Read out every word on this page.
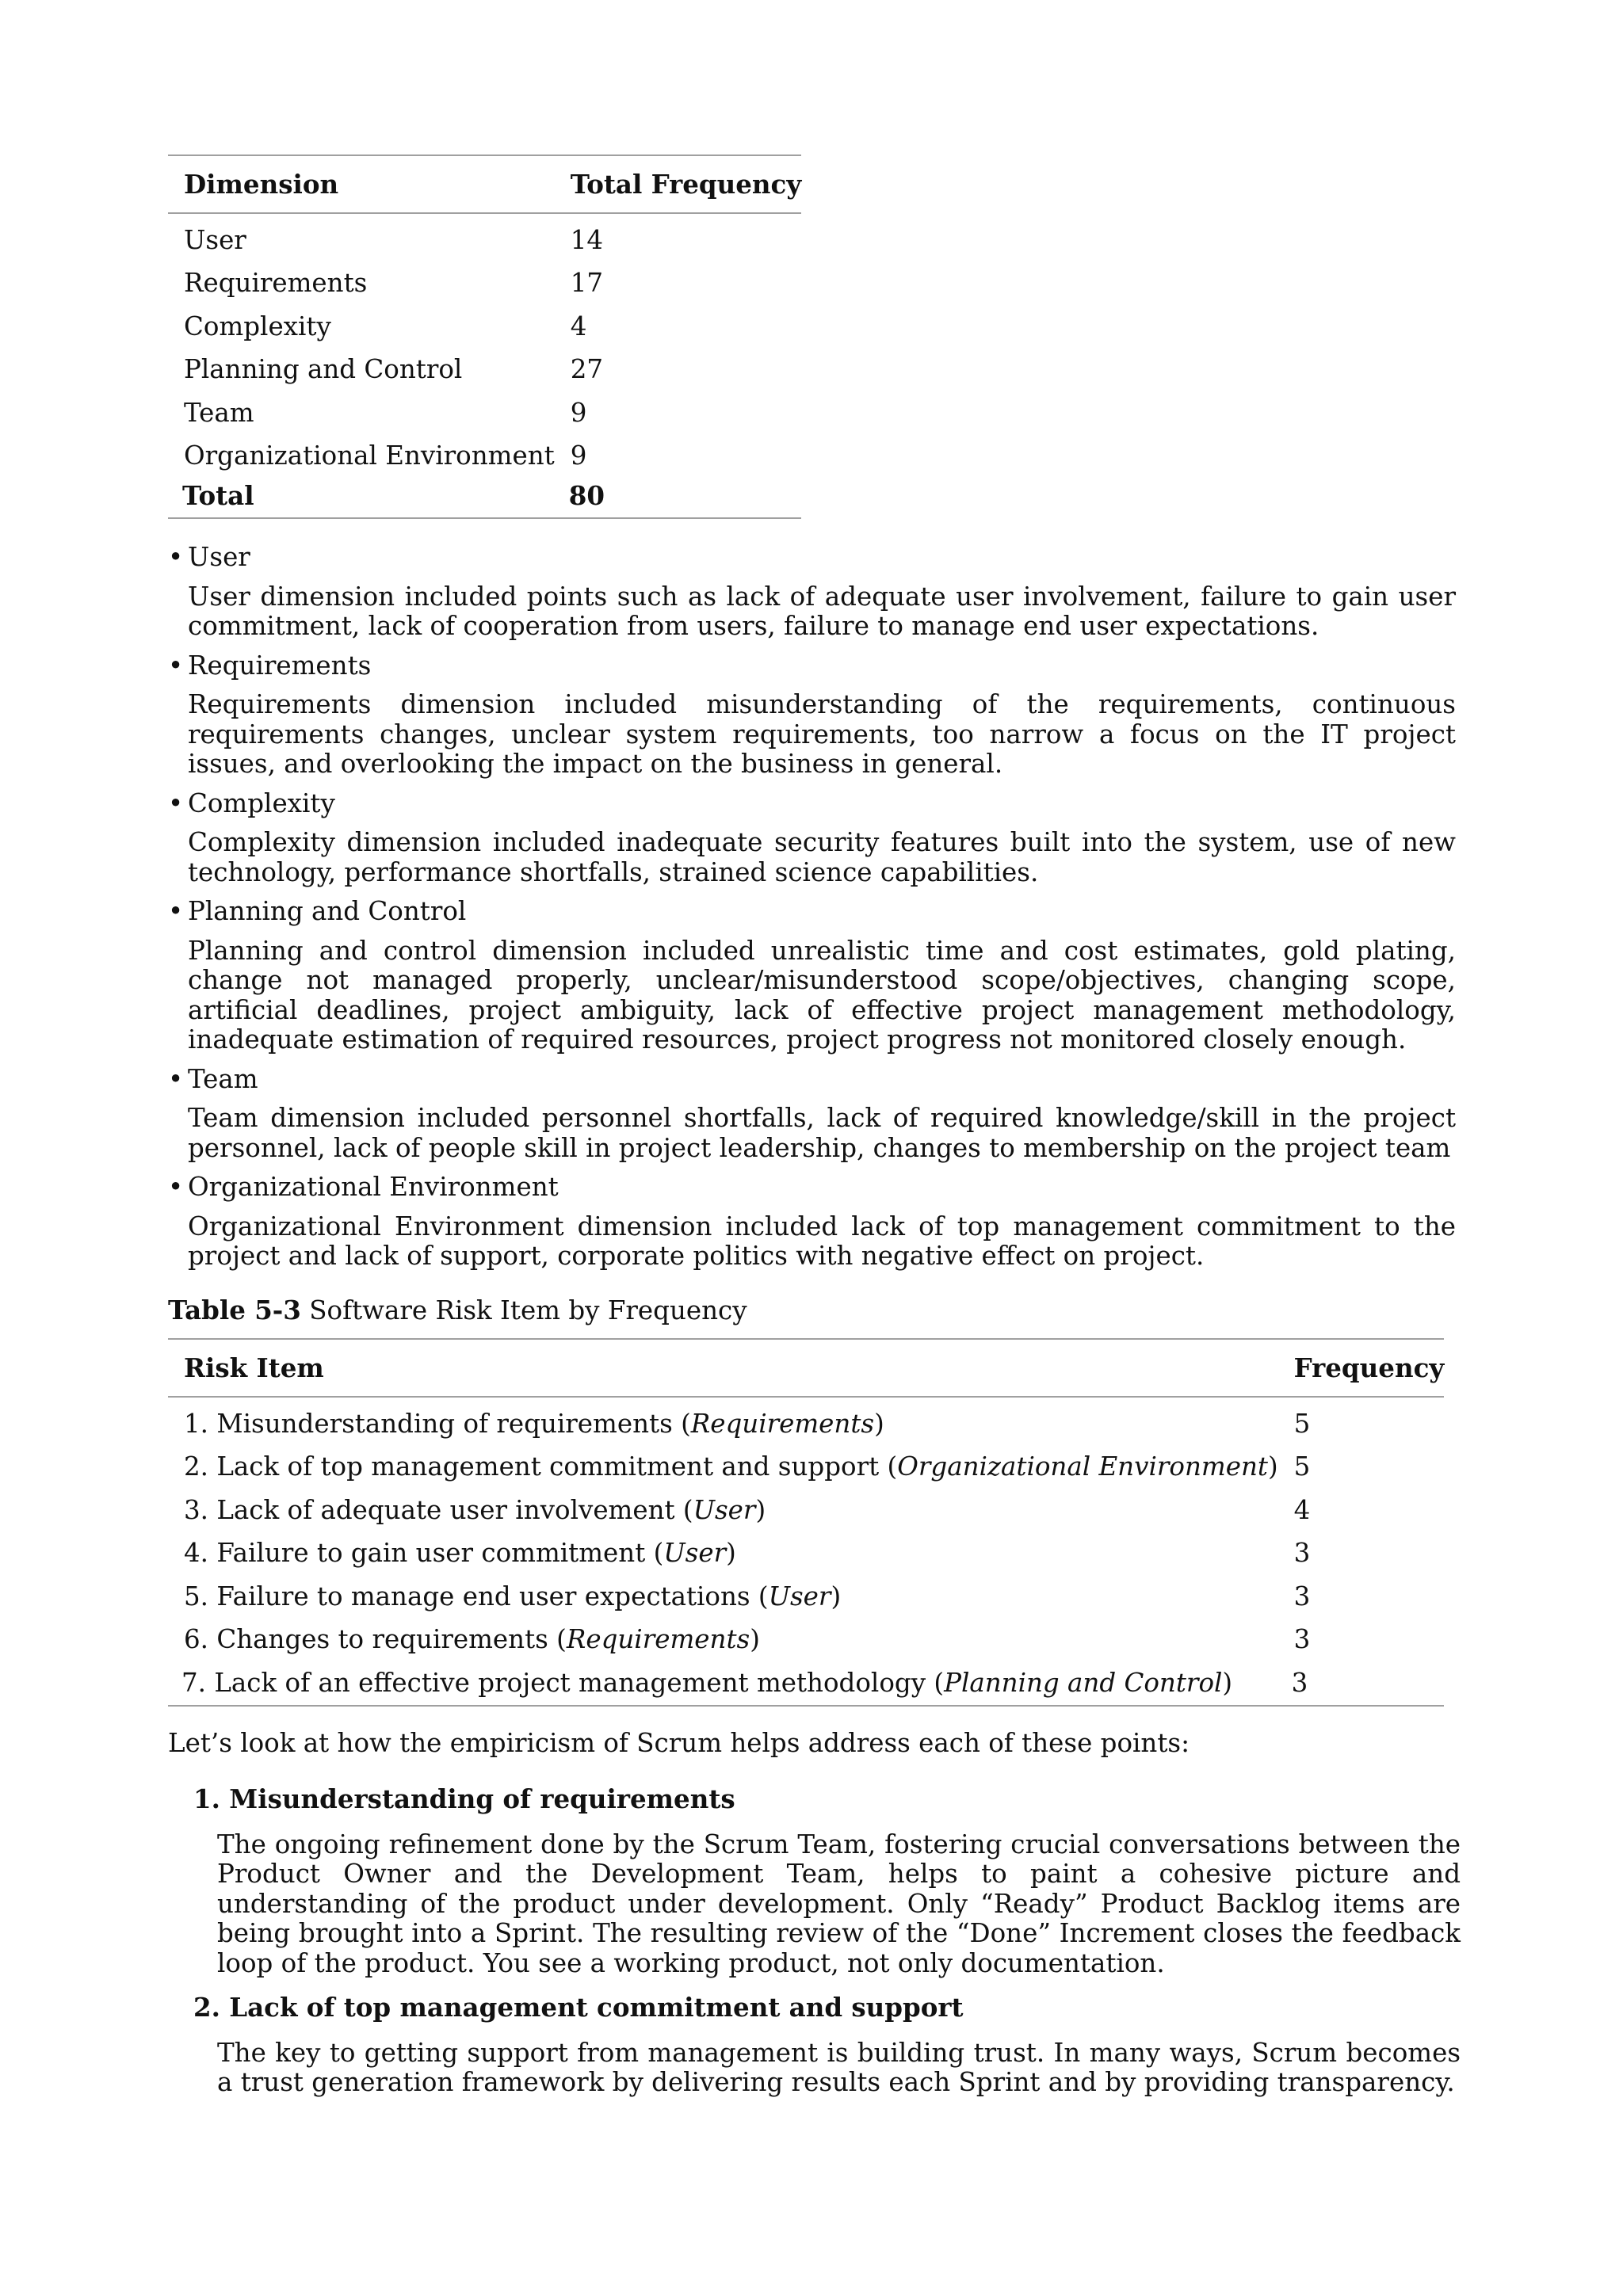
Dimension	Total Frequency
User	14
Requirements	17
Complexity	4
Planning and Control	27
Team	9
Organizational Environment	9
Total	80
• User

User dimension included points such as lack of adequate user involvement, failure to gain user commitment, lack of cooperation from users, failure to manage end user expectations.

• Requirements

Requirements dimension included misunderstanding of the requirements, continuous requirements changes, unclear system requirements, too narrow a focus on the IT project issues, and overlooking the impact on the business in general.

• Complexity

Complexity dimension included inadequate security features built into the system, use of new technology, performance shortfalls, strained science capabilities.

• Planning and Control

Planning and control dimension included unrealistic time and cost estimates, gold plating, change not managed properly, unclear/misunderstood scope/objectives, changing scope, artificial deadlines, project ambiguity, lack of effective project management methodology, inadequate estimation of required resources, project progress not monitored closely enough.

• Team

Team dimension included personnel shortfalls, lack of required knowledge/skill in the project personnel, lack of people skill in project leadership, changes to membership on the project team

• Organizational Environment

Organizational Environment dimension included lack of top management commitment to the project and lack of support, corporate politics with negative effect on project.

Table 5-3 Software Risk Item by Frequency

Risk Item	Frequency
1. Misunderstanding of requirements (Requirements)	5
2. Lack of top management commitment and support (Organizational Environment)	5
3. Lack of adequate user involvement (User)	4
4. Failure to gain user commitment (User)	3
5. Failure to manage end user expectations (User)	3
6. Changes to requirements (Requirements)	3
7. Lack of an effective project management methodology (Planning and Control)	3

Let’s look at how the empiricism of Scrum helps address each of these points:

1. Misunderstanding of requirements

The ongoing refinement done by the Scrum Team, fostering crucial conversations between the Product Owner and the Development Team, helps to paint a cohesive picture and understanding of the product under development. Only “Ready” Product Backlog items are being brought into a Sprint. The resulting review of the “Done” Increment closes the feedback loop of the product. You see a working product, not only documentation.

2. Lack of top management commitment and support

The key to getting support from management is building trust. In many ways, Scrum becomes a trust generation framework by delivering results each Sprint and by providing transparency.
